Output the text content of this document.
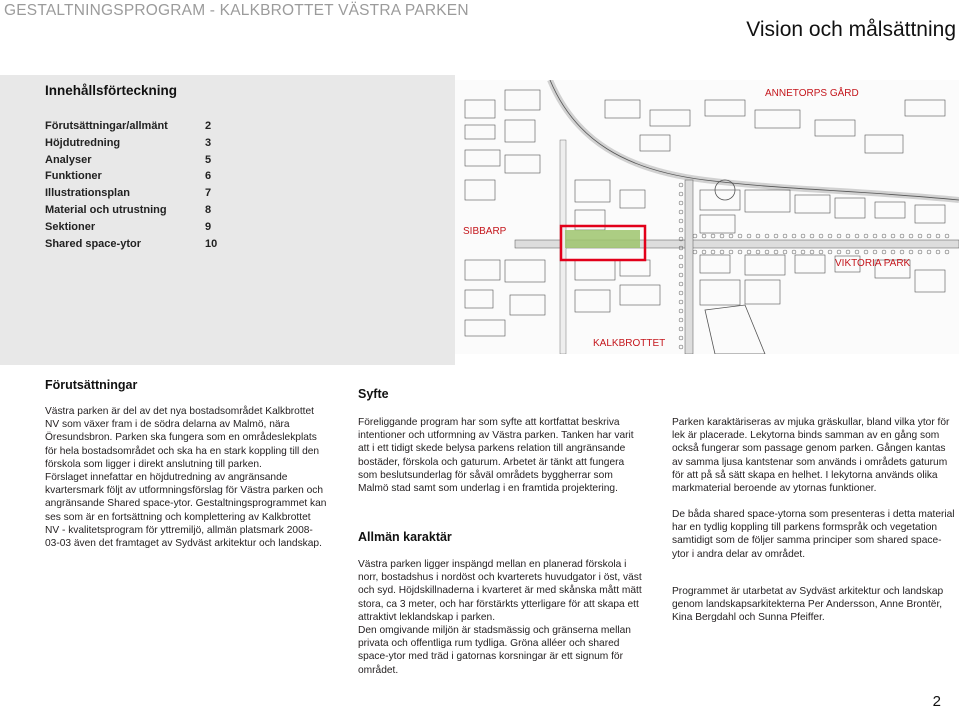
GESTALTNINGSPROGRAM - KALKBROTTET VÄSTRA PARKEN
Vision och målsättning
Innehållsförteckning
Förutsättningar/allmänt	2
Höjdutredning	3
Analyser	5
Funktioner	6
Illustrationsplan	7
Material och utrustning	8
Sektioner	9
Shared space-ytor	10
ANNETORPS GÅRD
SIBBARP
VIKTORIA PARK
KALKBROTTET
Förutsättningar

Västra parken är del av det nya bostadsområdet Kalkbrottet NV som växer fram i de södra delarna av Malmö, nära Öresundsbron. Parken ska fungera som en områdeslekplats för hela bostadsområdet och ska ha en stark koppling till den förskola som ligger i direkt anslutning till parken.

Förslaget innefattar en höjdutredning av angränsande kvartersmark följt av utformningsförslag för Västra parken och angränsande Shared space-ytor. Gestaltningsprogrammet kan ses som är en fortsättning och komplettering av Kalkbrottet NV - kvalitetsprogram för yttremiljö, allmän platsmark 2008-03-03 även det framtaget av Sydväst arkitektur och landskap.

Syfte
Föreliggande program har som syfte att kortfattat beskriva intentioner och utformning av Västra parken. Tanken har varit att i ett tidigt skede belysa parkens relation till angränsande bostäder, förskola och gaturum. Arbetet är tänkt att fungera som beslutsunderlag för såväl områdets byggherrar som Malmö stad samt som underlag i en framtida projektering.
Allmän karaktär
Västra parken ligger inspängd mellan en planerad förskola i norr, bostadshus i nordöst och kvarterets huvudgator i öst, väst och syd. Höjdskillnaderna i kvarteret är med skånska mått mätt stora, ca 3 meter, och har förstärkts ytterligare för att skapa ett attraktivt leklandskap i parken.
Den omgivande miljön är stadsmässig och gränserna mellan privata och offentliga rum tydliga. Gröna alléer och shared space-ytor med träd i gatornas korsningar är ett signum för området.
Parken karaktäriseras av mjuka gräskullar, bland vilka ytor för lek är placerade. Lekytorna binds samman av en gång som också fungerar som passage genom parken. Gången kantas av samma ljusa kantstenar som används i områdets gaturum för att på så sätt skapa en helhet. I lekytorna används olika markmaterial beroende av ytornas funktioner.
De båda shared space-ytorna som presenteras i detta material har en tydlig koppling till parkens formspråk och vegetation samtidigt som de följer samma principer som shared space-ytor i andra delar av området.
Programmet är utarbetat av Sydväst arkitektur och landskap genom landskapsarkitekterna Per Andersson, Anne Brontër, Kina Bergdahl och Sunna Pfeiffer.
2
